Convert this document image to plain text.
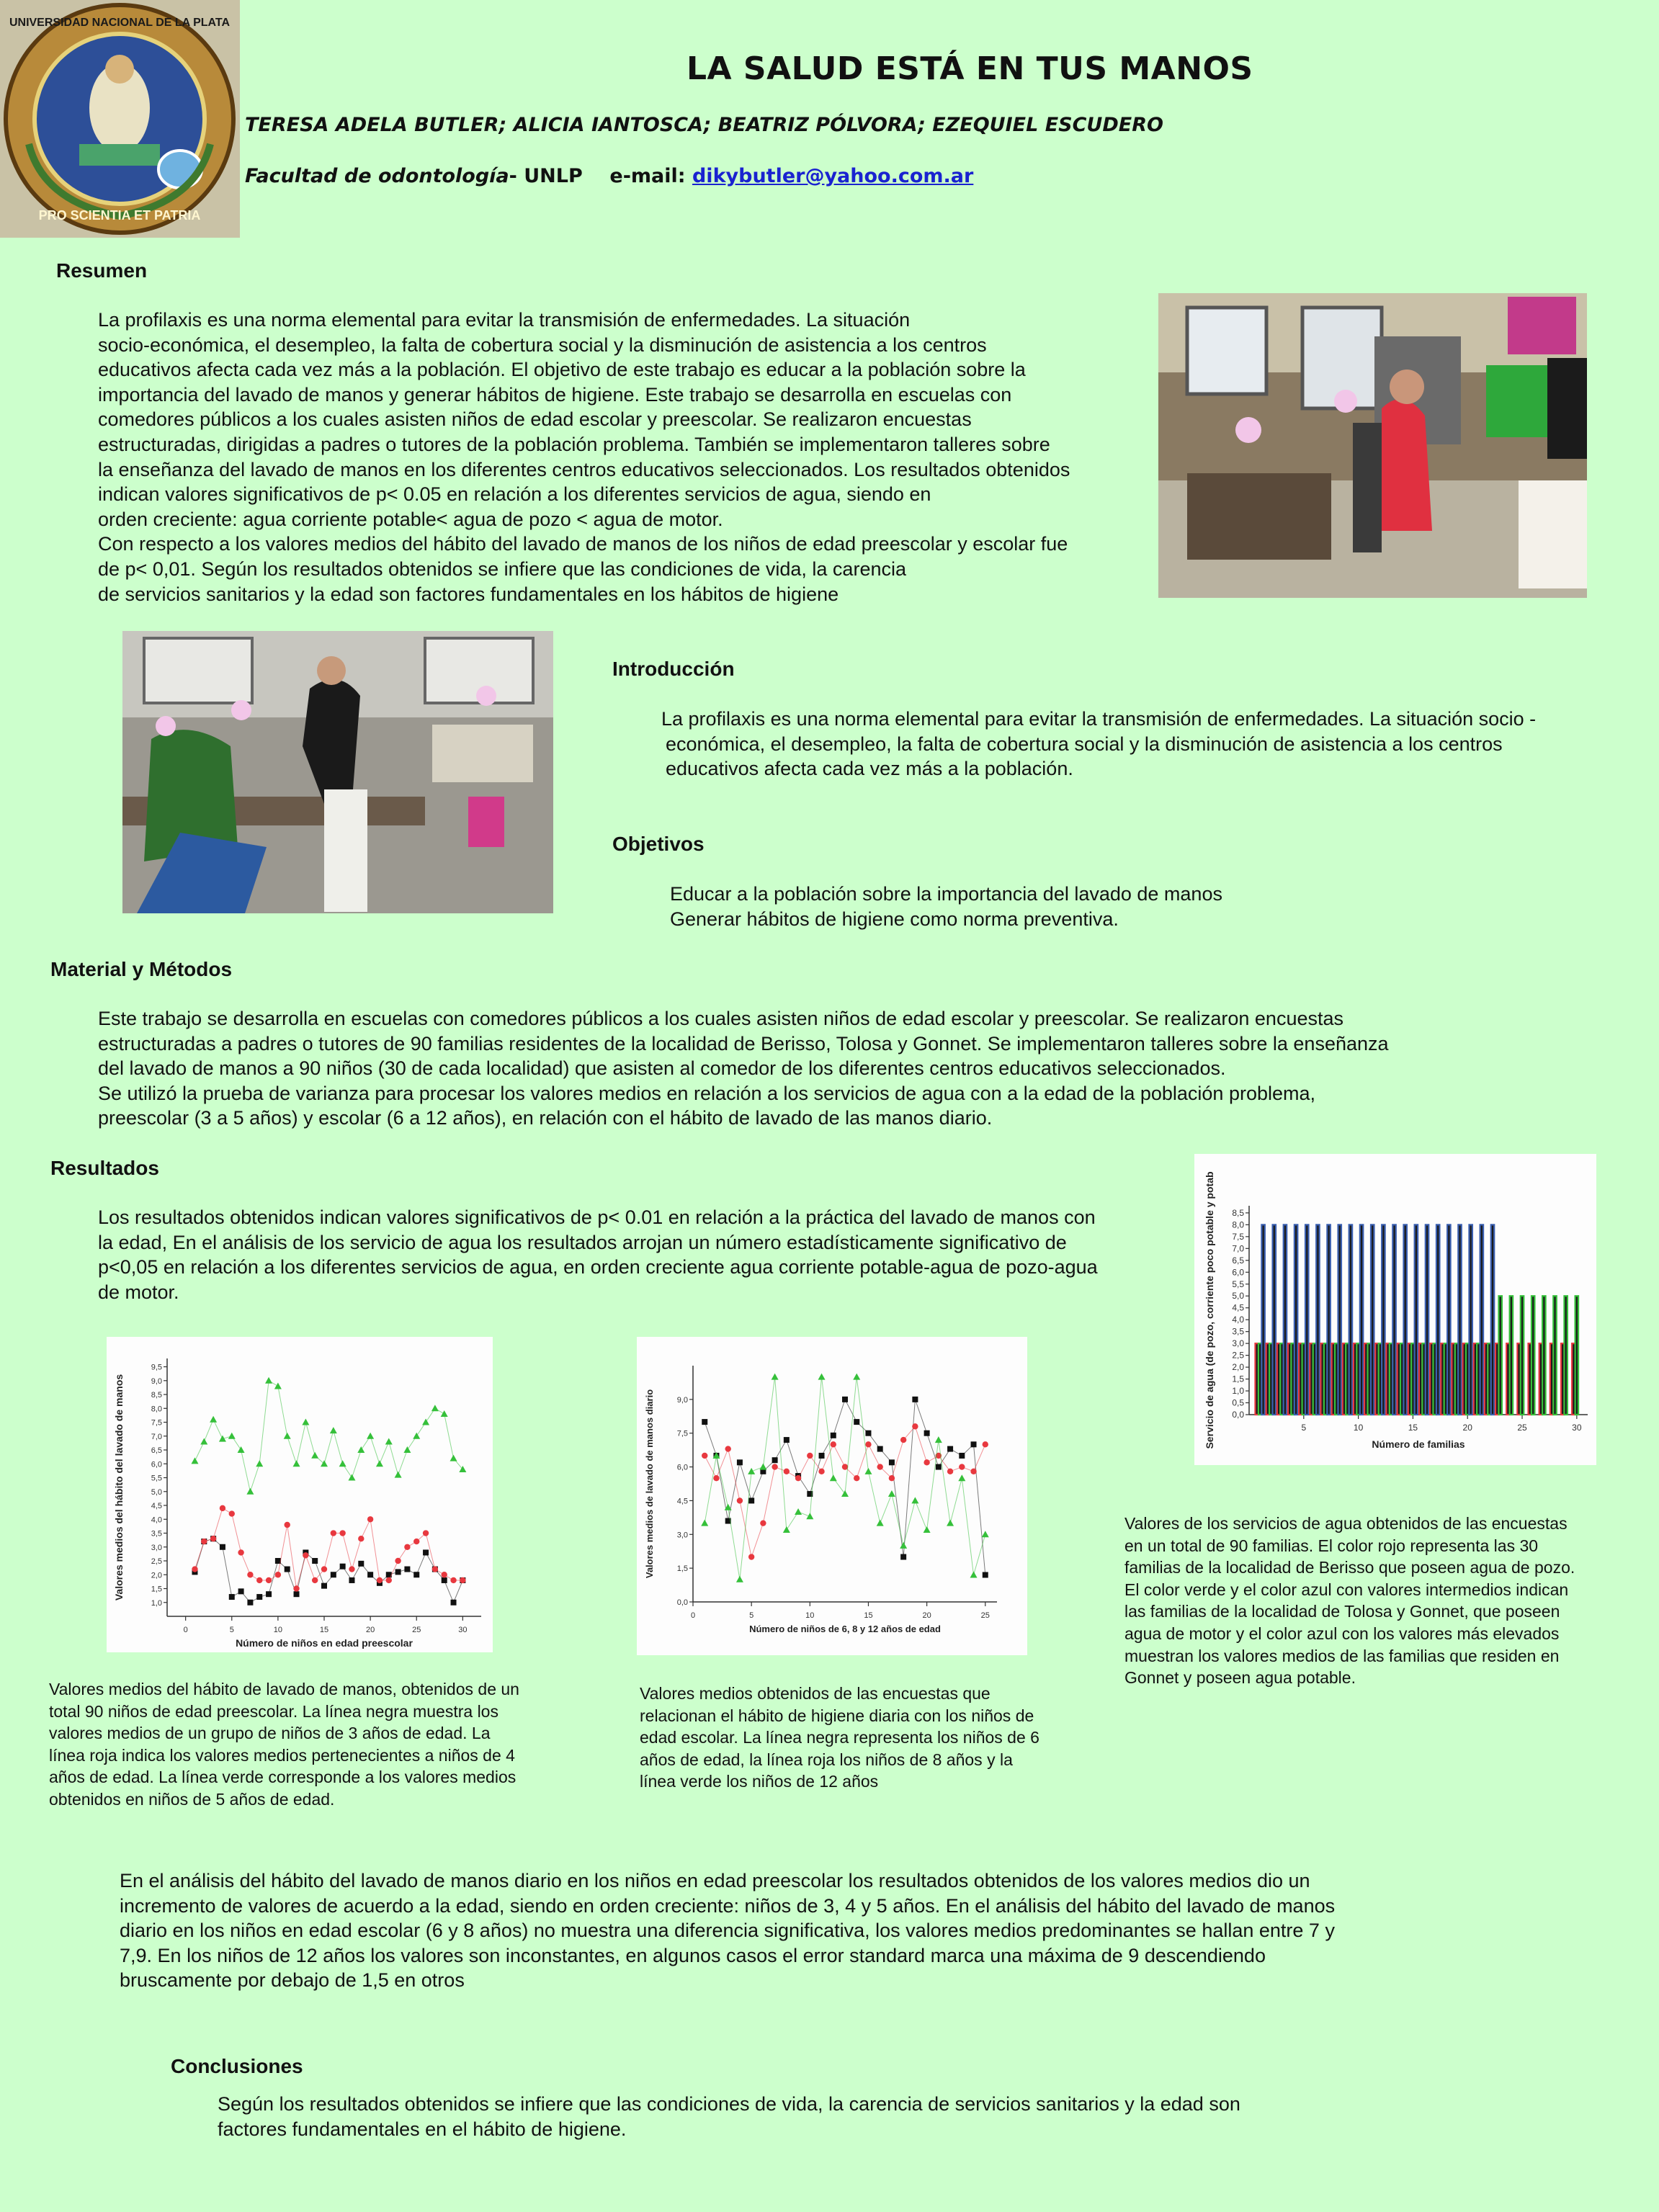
PRO SCIENTIA ET PATRIA
UNIVERSIDAD NACIONAL DE LA PLATA
LA SALUD ESTÁ EN TUS MANOS
TERESA ADELA BUTLER; ALICIA IANTOSCA; BEATRIZ PÓLVORA; EZEQUIEL ESCUDERO
Facultad de odontología- UNLP e-mail: dikybutler@yahoo.com.ar
Resumen
La profilaxis es una norma elemental para evitar la transmisión de enfermedades. La situación
socio-económica, el desempleo, la falta de cobertura social y la disminución de asistencia a los centros
educativos afecta cada vez más a la población. El objetivo de este trabajo es educar a la población sobre la
importancia del lavado de manos y generar hábitos de higiene. Este trabajo se desarrolla en escuelas con
comedores públicos a los cuales asisten niños de edad escolar y preescolar. Se realizaron encuestas
estructuradas, dirigidas a padres o tutores de la población problema. También se implementaron talleres sobre
la enseñanza del lavado de manos en los diferentes centros educativos seleccionados. Los resultados obtenidos
indican valores significativos de p< 0.05 en relación a los diferentes servicios de agua, siendo en
orden creciente: agua corriente potable< agua de pozo < agua de motor.
Con respecto a los valores medios del hábito del lavado de manos de los niños de edad preescolar y escolar fue
de p< 0,01. Según los resultados obtenidos se infiere que las condiciones de vida, la carencia
de servicios sanitarios y la edad son factores fundamentales en los hábitos de higiene
Introducción
La profilaxis es una norma elemental para evitar la transmisión de enfermedades. La situación socio -
económica, el desempleo, la falta de cobertura social y la disminución de asistencia a los centros
educativos afecta cada vez más a la población.
Objetivos
Educar a la población sobre la importancia del lavado de manos
Generar hábitos de higiene como norma preventiva.
Material y Métodos
Este trabajo se desarrolla en escuelas con comedores públicos a los cuales asisten niños de edad escolar y preescolar. Se realizaron encuestas
estructuradas a padres o tutores de 90 familias residentes de la localidad de Berisso, Tolosa y Gonnet. Se implementaron talleres sobre la enseñanza
del lavado de manos a 90 niños (30 de cada localidad) que asisten al comedor de los diferentes centros educativos seleccionados.
Se utilizó la prueba de varianza para procesar los valores medios en relación a los servicios de agua con a la edad de la población problema,
preescolar (3 a 5 años) y escolar (6 a 12 años), en relación con el hábito de lavado de las manos diario.
Resultados
Los resultados obtenidos indican valores significativos de p< 0.01 en relación a la práctica del lavado de manos con
la edad, En el análisis de los servicio de agua los resultados arrojan un número estadísticamente significativo de
p<0,05 en relación a los diferentes servicios de agua, en orden creciente agua corriente potable-agua de pozo-agua
de motor.
5	10	15	20	25	30
0,0
0,5
1,0
1,5
2,0
2,5
3,0
3,5
4,0
4,5
5,0
5,5
6,0
6,5
7,0
7,5
8,0
8,5
Número de familias
Servicio de agua (de pozo, corriente poco potable y potab
0	5	10	15	20	25	30
1,0
1,5
2,0
2,5
3,0
3,5
4,0
4,5
5,0
5,5
6,0
6,5
7,0
7,5
8,0
8,5
9,0
9,5
Número de niños en edad preescolar
Valores medios del hábito del lavado de manos
0	5	10	15	20	25
0,0
1,5
3,0
4,5
6,0
7,5
9,0
Número de niños de 6, 8 y 12 años de edad
Valores medios de lavado de manos diario
Valores medios del hábito de lavado de manos, obtenidos de un
total 90 niños de edad preescolar. La línea negra muestra los
valores medios de un grupo de niños de 3 años de edad. La
línea roja indica los valores medios pertenecientes a niños de 4
años de edad. La línea verde corresponde a los valores medios
obtenidos en niños de 5 años de edad.
Valores medios obtenidos de las encuestas que
relacionan el hábito de higiene diaria con los niños de
edad escolar. La línea negra representa los niños de 6
años de edad, la línea roja los niños de 8 años y la
línea verde los niños de 12 años
Valores de los servicios de agua obtenidos de las encuestas
en un total de 90 familias. El color rojo representa las 30
familias de la localidad de Berisso que poseen agua de pozo.
El color verde y el color azul con valores intermedios indican
las familias de la localidad de Tolosa y Gonnet, que poseen
agua de motor y el color azul con los valores más elevados
muestran los valores medios de las familias que residen en
Gonnet y poseen agua potable.
En el análisis del hábito del lavado de manos diario en los niños en edad preescolar los resultados obtenidos de los valores medios dio un
incremento de valores de acuerdo a la edad, siendo en orden creciente: niños de 3, 4 y 5 años. En el análisis del hábito del lavado de manos
diario en los niños en edad escolar (6 y 8 años) no muestra una diferencia significativa, los valores medios predominantes se hallan entre 7 y
7,9. En los niños de 12 años los valores son inconstantes, en algunos casos el error standard marca una máxima de 9 descendiendo
bruscamente por debajo de 1,5 en otros
Conclusiones
Según los resultados obtenidos se infiere que las condiciones de vida, la carencia de servicios sanitarios y la edad son
factores fundamentales en el hábito de higiene.
